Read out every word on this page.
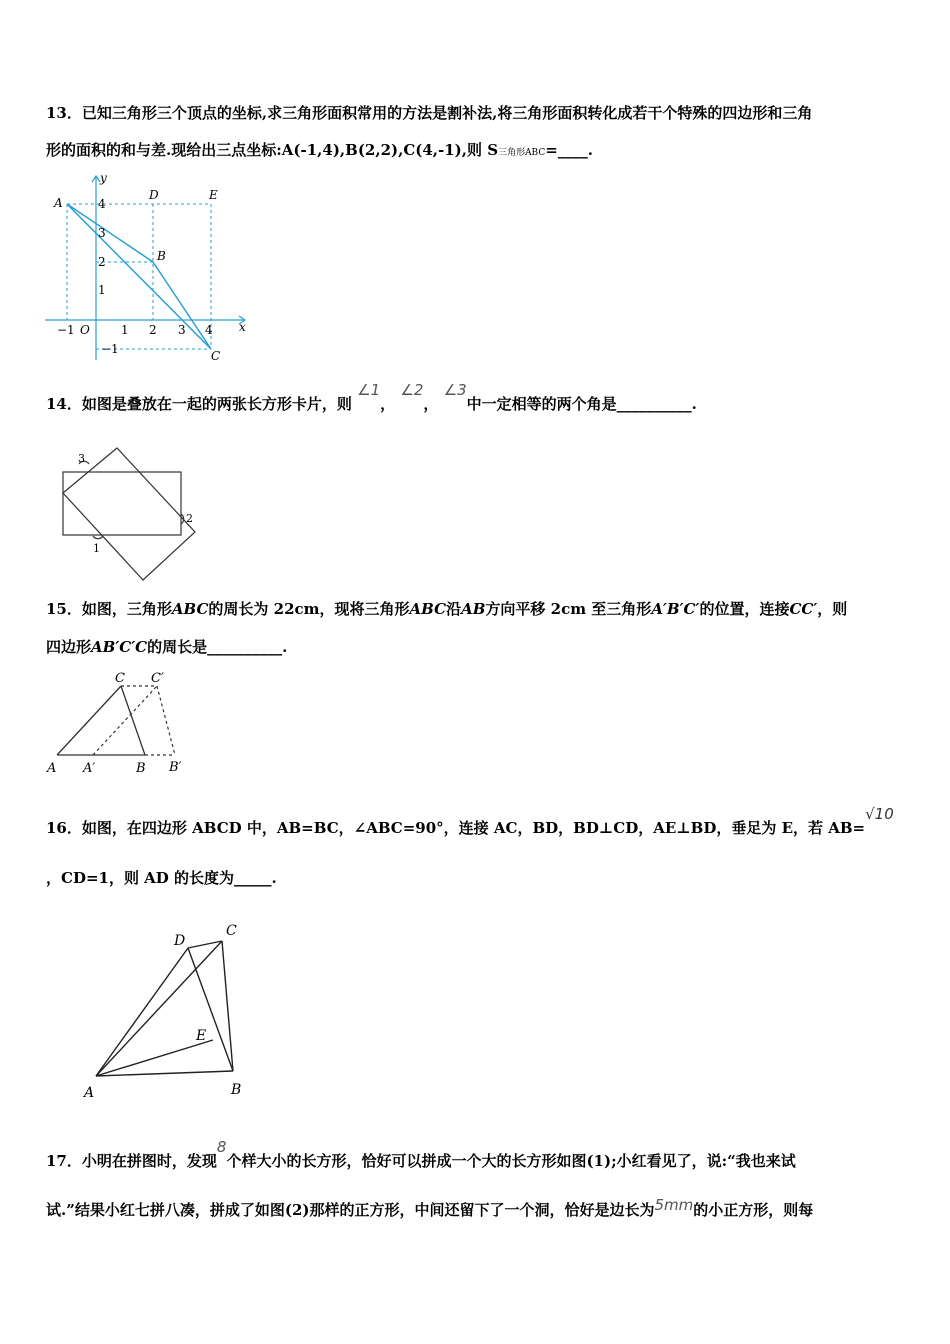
13．已知三角形三个顶点的坐标,求三角形面积常用的方法是割补法,将三角形面积转化成若干个特殊的四边形和三角
形的面积的和与差.现给出三点坐标:A(-1,4),B(2,2),C(4,-1),则 S三角形ABC=____.
y
x
O
A
B
C
D	E
−1	1 2 3 4
4
3
2
1
−1
14．如图是叠放在一起的两张长方形卡片，则 ∠1， ∠2， ∠3中一定相等的两个角是__________.
3
2
1
15．如图，三角形ABC的周长为 22cm，现将三角形ABC沿AB方向平移 2cm 至三角形A′B′C′的位置，连接CC′，则
四边形AB′C′C的周长是__________.
A A′	B B′
C C′
16．如图，在四边形 ABCD 中，AB=BC，∠ABC=90°，连接 AC，BD，BD⊥CD，AE⊥BD，垂足为 E，若 AB=√10
，CD=1，则 AD 的长度为_____.
A	B
C
D
E
17．小明在拼图时，发现8个样大小的长方形，恰好可以拼成一个大的长方形如图(1);小红看见了，说:“我也来试
试.”结果小红七拼八凑，拼成了如图(2)那样的正方形，中间还留下了一个洞，恰好是边长为5mm的小正方形，则每
